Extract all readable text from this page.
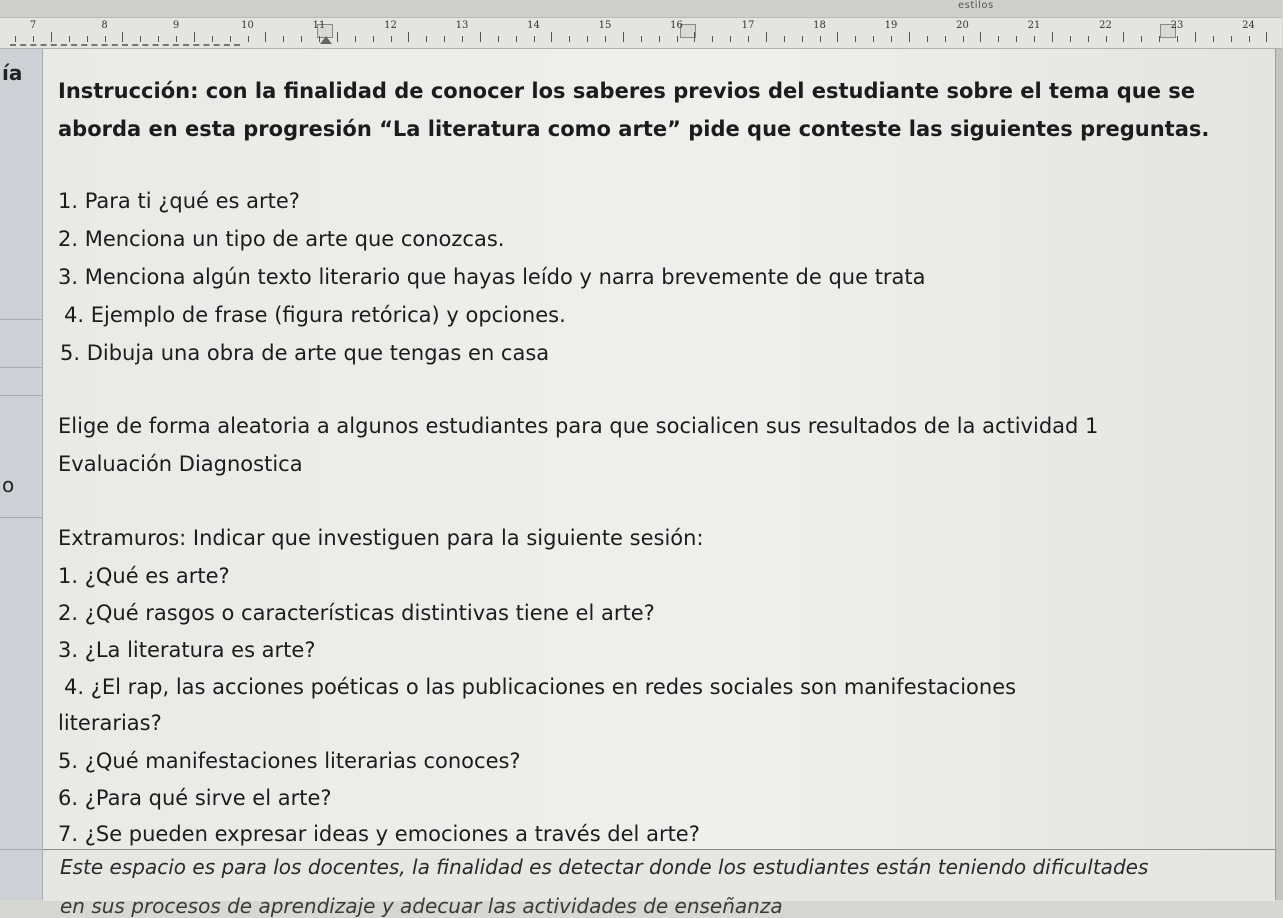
estilos
7	8	9	10	11	12	13	14	15	16	17	18	19	20	21	22	23	24
ía
o
Instrucción: con la finalidad de conocer los saberes previos del estudiante sobre el tema que se
aborda en esta progresión “La literatura como arte” pide que conteste las siguientes preguntas.
1. Para ti ¿qué es arte?
2. Menciona un tipo de arte que conozcas.
3. Menciona algún texto literario que hayas leído y narra brevemente de que trata
4. Ejemplo de frase (figura retórica) y opciones.
5. Dibuja una obra de arte que tengas en casa
Elige de forma aleatoria a algunos estudiantes para que socialicen sus resultados de la actividad 1
Evaluación Diagnostica
Extramuros: Indicar que investiguen para la siguiente sesión:
1. ¿Qué es arte?
2. ¿Qué rasgos o características distintivas tiene el arte?
3. ¿La literatura es arte?
4. ¿El rap, las acciones poéticas o las publicaciones en redes sociales son manifestaciones
literarias?
5. ¿Qué manifestaciones literarias conoces?
6. ¿Para qué sirve el arte?
7. ¿Se pueden expresar ideas y emociones a través del arte?
Este espacio es para los docentes, la finalidad es detectar donde los estudiantes están teniendo dificultades
en sus procesos de aprendizaje y adecuar las actividades de enseñanza
